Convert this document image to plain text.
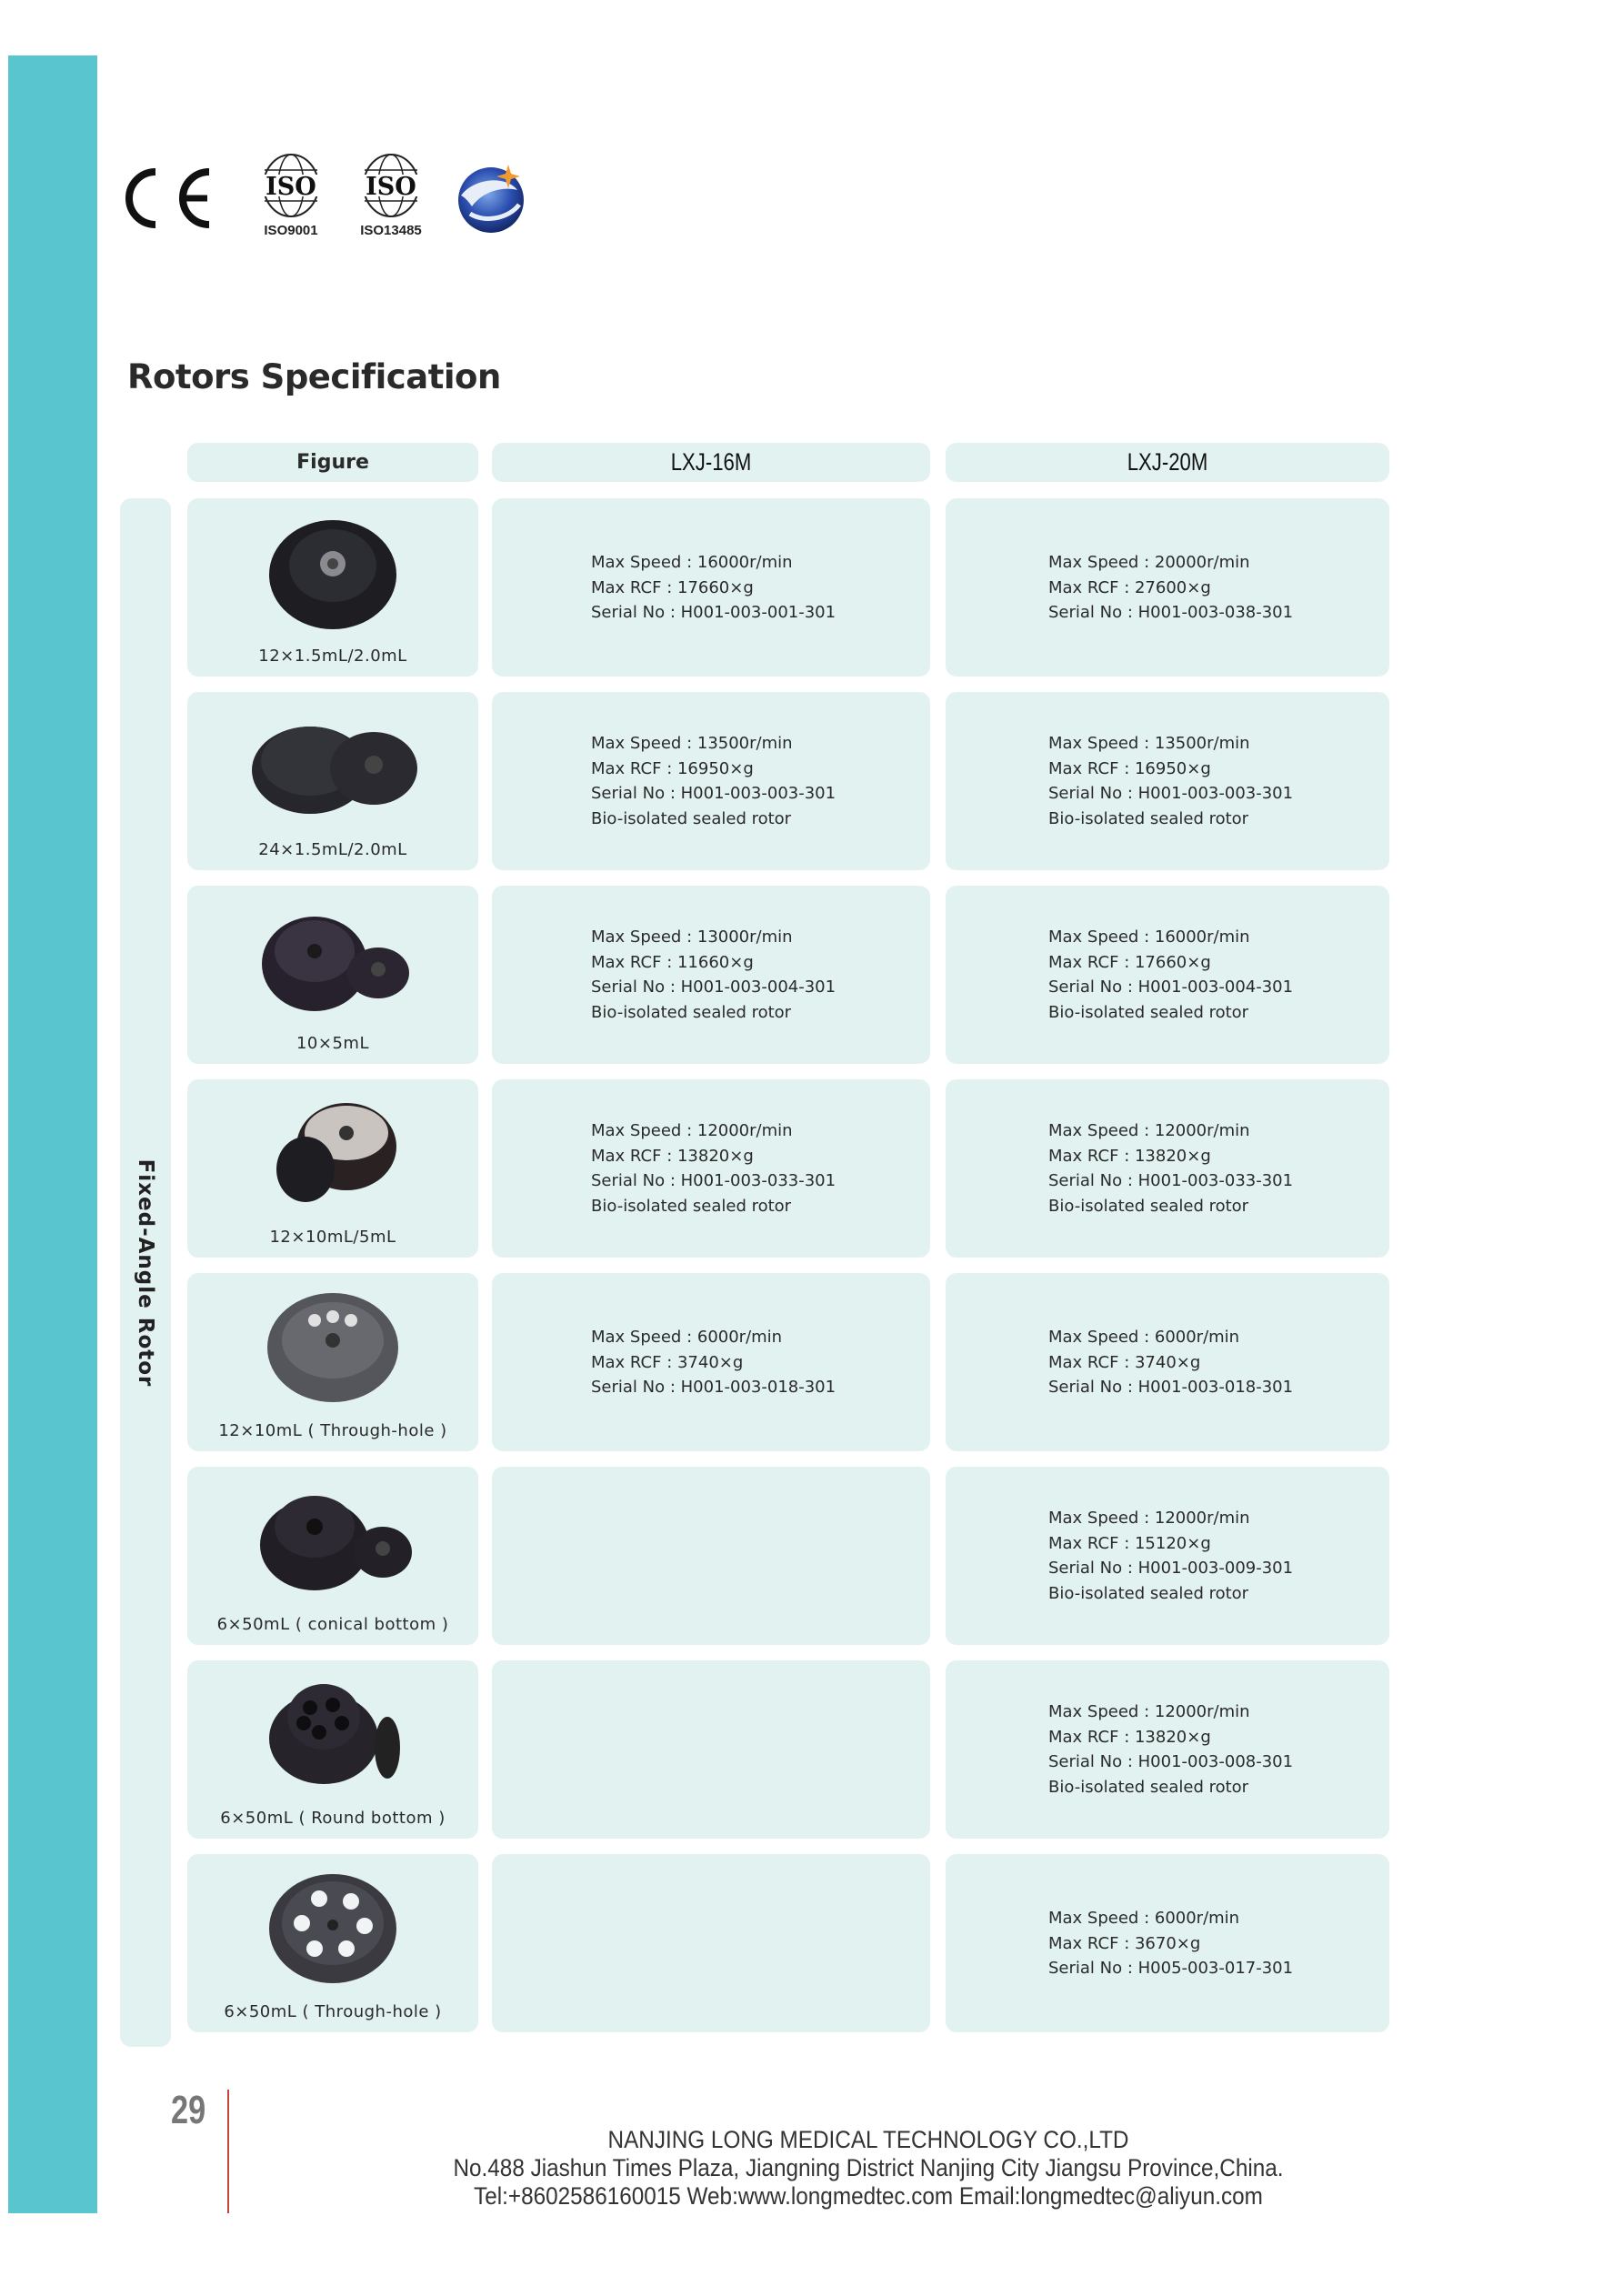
ISO
ISO9001
ISO
ISO13485
Rotors Specification
Figure	LXJ-16M	LXJ-20M
Fixed-Angle Rotor
12×1.5mL/2.0mL
Max Speed : 16000r/min
Max RCF : 17660×g
Serial No : H001-003-001-301
Max Speed : 20000r/min
Max RCF : 27600×g
Serial No : H001-003-038-301
24×1.5mL/2.0mL
Max Speed : 13500r/min
Max RCF : 16950×g
Serial No : H001-003-003-301
Bio-isolated sealed rotor
Max Speed : 13500r/min
Max RCF : 16950×g
Serial No : H001-003-003-301
Bio-isolated sealed rotor
10×5mL
Max Speed : 13000r/min
Max RCF : 11660×g
Serial No : H001-003-004-301
Bio-isolated sealed rotor
Max Speed : 16000r/min
Max RCF : 17660×g
Serial No : H001-003-004-301
Bio-isolated sealed rotor
12×10mL/5mL
Max Speed : 12000r/min
Max RCF : 13820×g
Serial No : H001-003-033-301
Bio-isolated sealed rotor
Max Speed : 12000r/min
Max RCF : 13820×g
Serial No : H001-003-033-301
Bio-isolated sealed rotor
12×10mL ( Through-hole )
Max Speed : 6000r/min
Max RCF : 3740×g
Serial No : H001-003-018-301
Max Speed : 6000r/min
Max RCF : 3740×g
Serial No : H001-003-018-301
6×50mL ( conical bottom )
Max Speed : 12000r/min
Max RCF : 15120×g
Serial No : H001-003-009-301
Bio-isolated sealed rotor
6×50mL ( Round bottom )
Max Speed : 12000r/min
Max RCF : 13820×g
Serial No : H001-003-008-301
Bio-isolated sealed rotor
6×50mL ( Through-hole )
Max Speed : 6000r/min
Max RCF : 3670×g
Serial No : H005-003-017-301
29
NANJING LONG MEDICAL TECHNOLOGY CO.,LTD
No.488 Jiashun Times Plaza, Jiangning District Nanjing City Jiangsu Province,China.
Tel:+8602586160015 Web:www.longmedtec.com Email:longmedtec@aliyun.com
